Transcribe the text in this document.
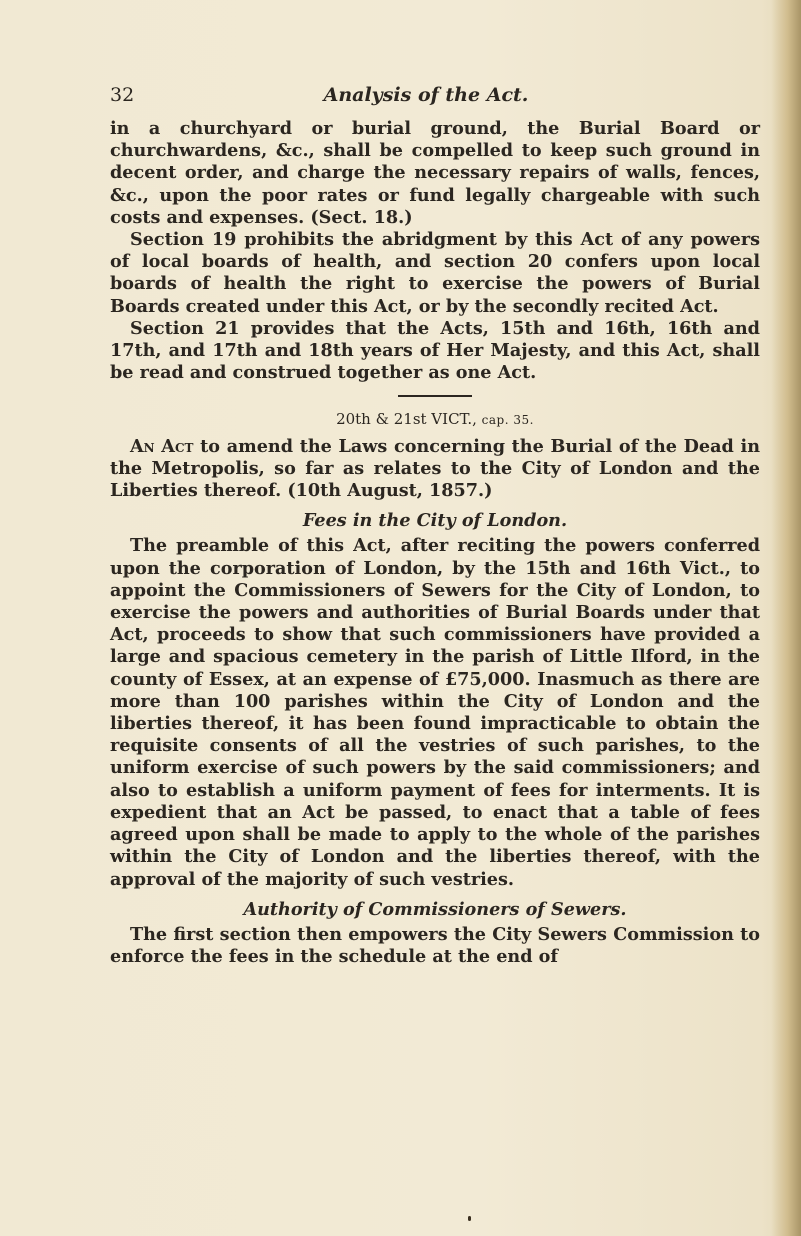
32	Analysis of the Act.

in a churchyard or burial ground, the Burial Board or churchwardens, &c., shall be compelled to keep such ground in decent order, and charge the necessary repairs of walls, fences, &c., upon the poor rates or fund legally chargeable with such costs and expenses. (Sect. 18.)

Section 19 prohibits the abridgment by this Act of any powers of local boards of health, and section 20 confers upon local boards of health the right to exercise the powers of Burial Boards created under this Act, or by the secondly recited Act.

Section 21 provides that the Acts, 15th and 16th, 16th and 17th, and 17th and 18th years of Her Majesty, and this Act, shall be read and construed together as one Act.

20th & 21st VICT., cap. 35.

An Act to amend the Laws concerning the Burial of the Dead in the Metropolis, so far as relates to the City of London and the Liberties thereof. (10th August, 1857.)

Fees in the City of London.

The preamble of this Act, after reciting the powers conferred upon the corporation of London, by the 15th and 16th Vict., to appoint the Commissioners of Sewers for the City of London, to exercise the powers and authorities of Burial Boards under that Act, proceeds to show that such commissioners have provided a large and spacious cemetery in the parish of Little Ilford, in the county of Essex, at an expense of £75,000. Inasmuch as there are more than 100 parishes within the City of London and the liberties thereof, it has been found impracticable to obtain the requisite consents of all the vestries of such parishes, to the uniform exercise of such powers by the said commissioners; and also to establish a uniform payment of fees for interments. It is expedient that an Act be passed, to enact that a table of fees agreed upon shall be made to apply to the whole of the parishes within the City of London and the liberties thereof, with the approval of the majority of such vestries.

Authority of Commissioners of Sewers.

The first section then empowers the City Sewers Commission to enforce the fees in the schedule at the end of
